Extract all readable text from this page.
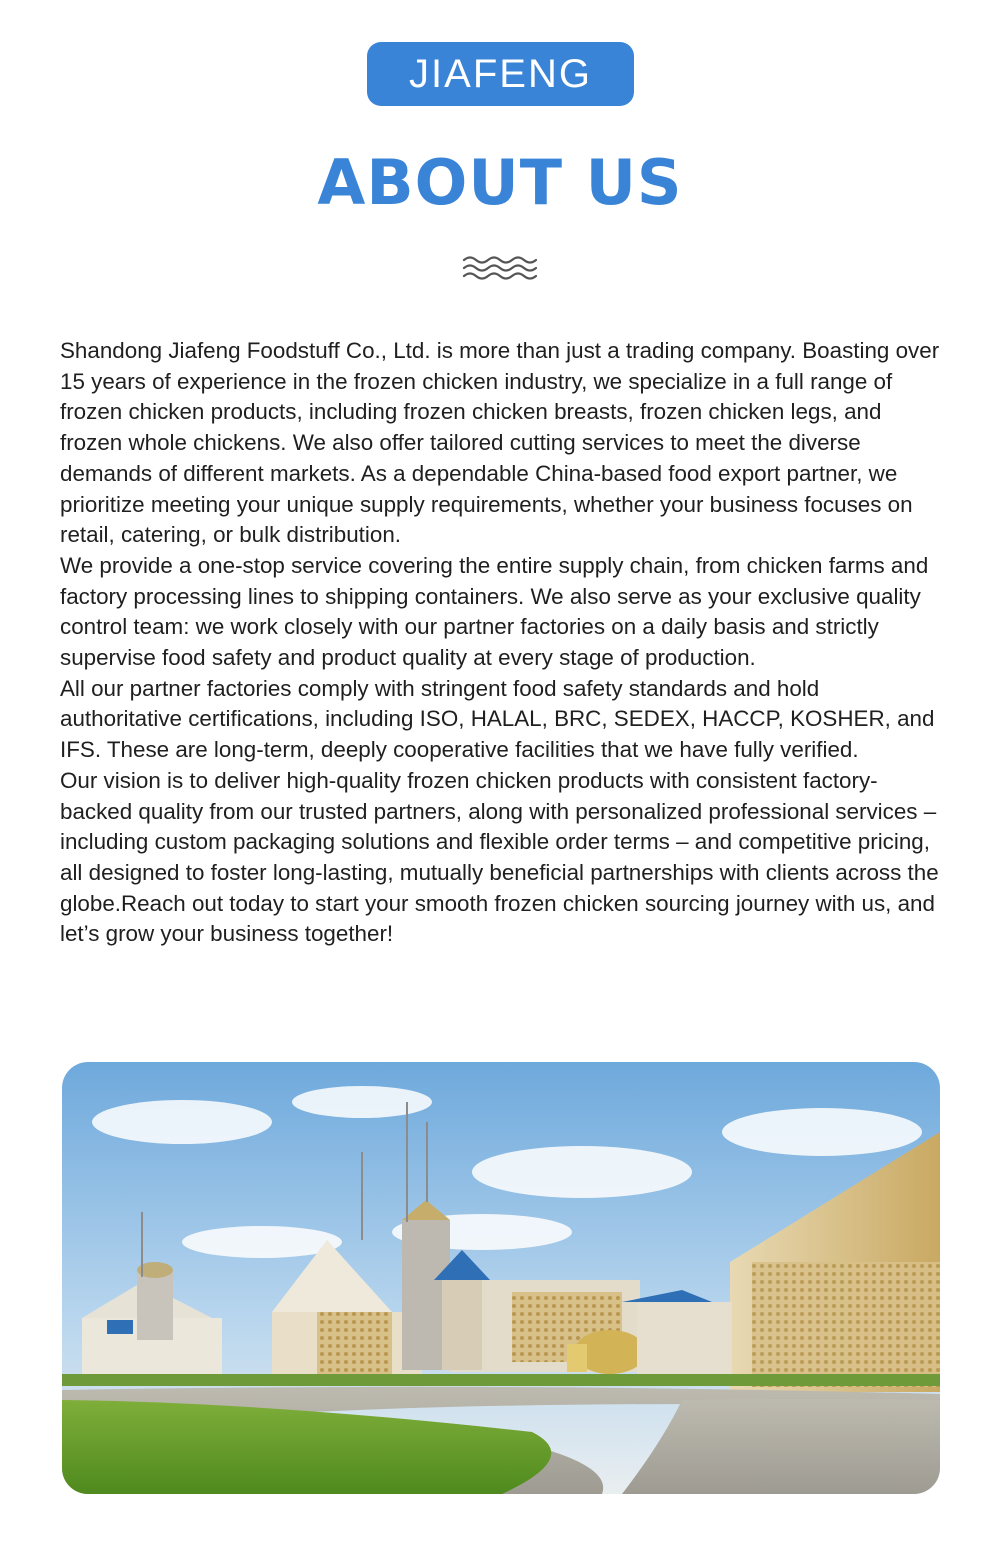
JIAFENG
ABOUT US

Shandong Jiafeng Foodstuff Co., Ltd. is more than just a trading company. Boasting over 15 years of experience in the frozen chicken industry, we specialize in a full range of frozen chicken products, including frozen chicken breasts, frozen chicken legs, and frozen whole chickens. We also offer tailored cutting services to meet the diverse demands of different markets. As a dependable China-based food export partner, we prioritize meeting your unique supply requirements, whether your business focuses on retail, catering, or bulk distribution.

We provide a one-stop service covering the entire supply chain, from chicken farms and factory processing lines to shipping containers. We also serve as your exclusive quality control team: we work closely with our partner factories on a daily basis and strictly supervise food safety and product quality at every stage of production.

All our partner factories comply with stringent food safety standards and hold authoritative certifications, including ISO, HALAL, BRC, SEDEX, HACCP, KOSHER, and IFS. These are long-term, deeply cooperative facilities that we have fully verified.

Our vision is to deliver high-quality frozen chicken products with consistent factory-backed quality from our trusted partners, along with personalized professional services – including custom packaging solutions and flexible order terms – and competitive pricing, all designed to foster long-lasting, mutually beneficial partnerships with clients across the globe.Reach out today to start your smooth frozen chicken sourcing journey with us, and let’s grow your business together!
